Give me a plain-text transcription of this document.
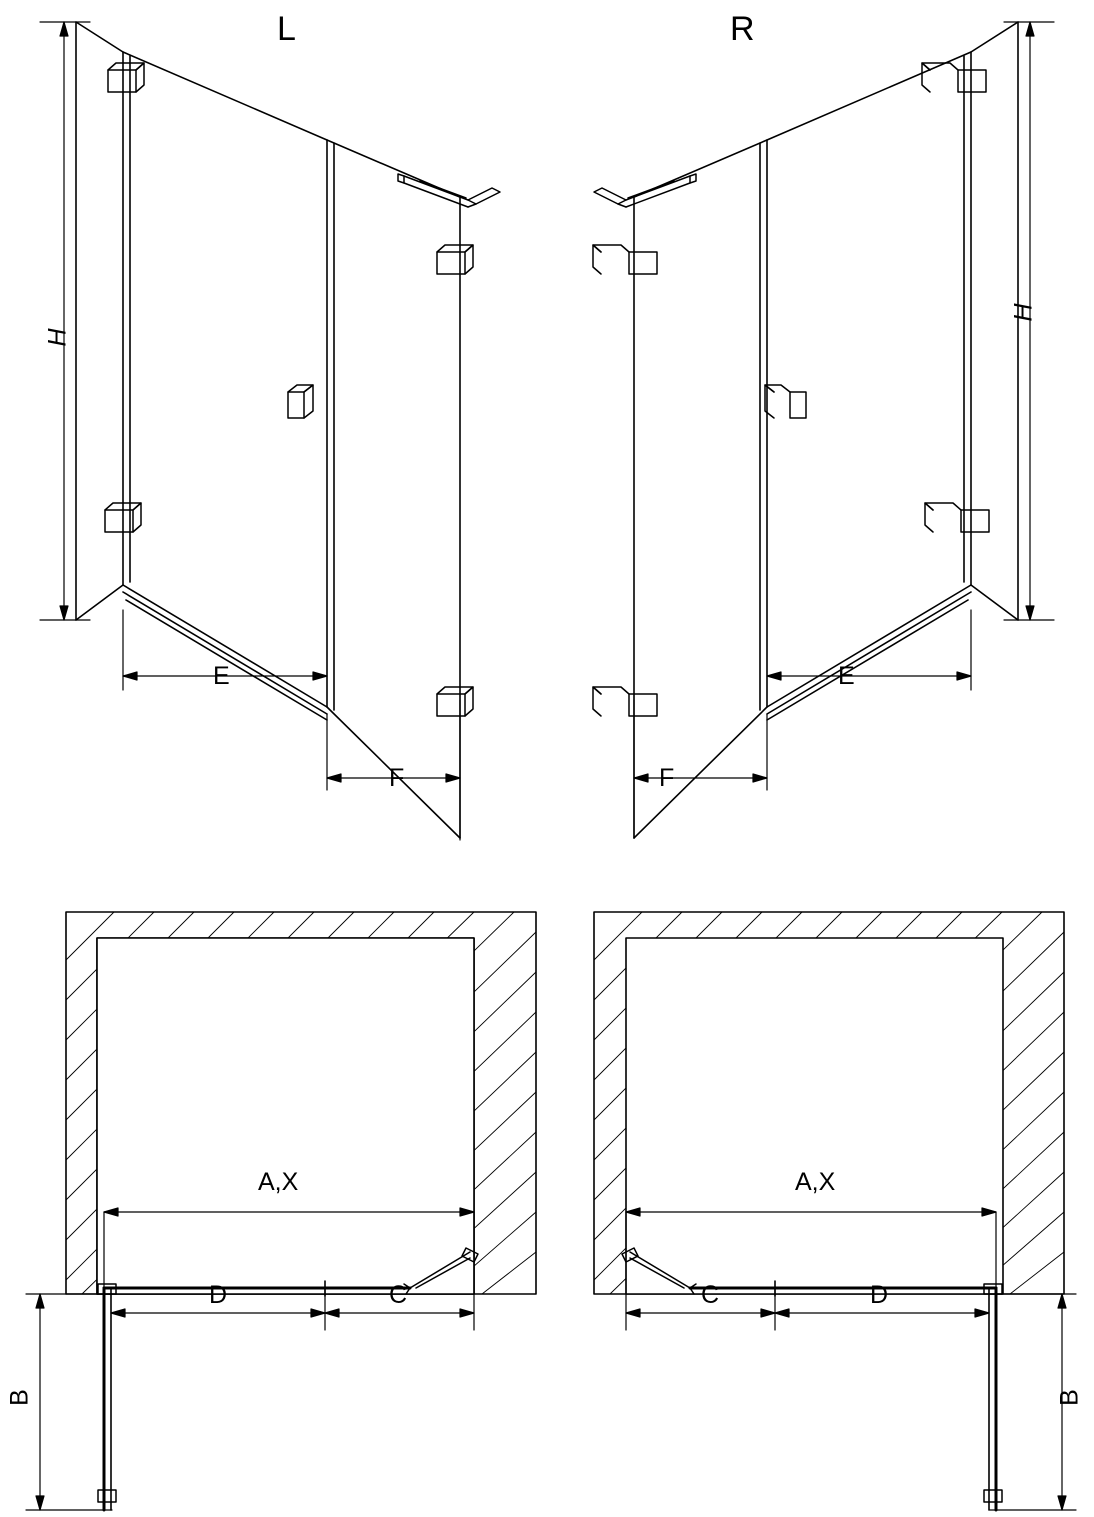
L	R
H
H
E
F
E
F
A,X
D	C
B
A,X
C	D
B
